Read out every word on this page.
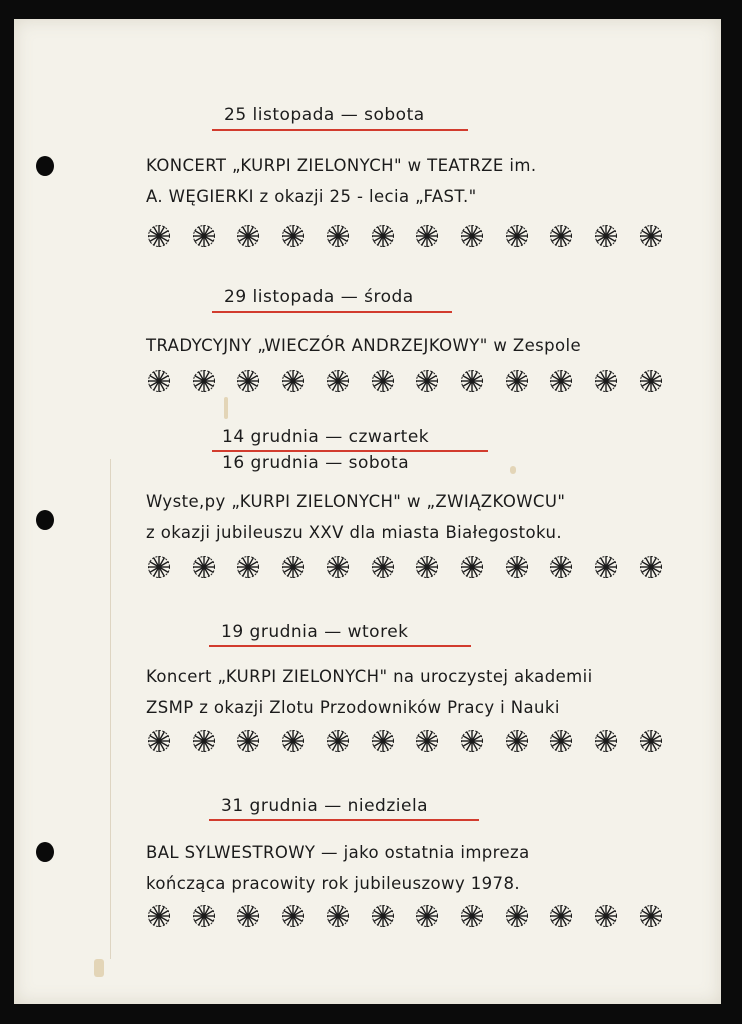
25 listopada — sobota
KONCERT „KURPI ZIELONYCH" w TEATRZE im.
A. WĘGIERKI z okazji 25 - lecia „FAST."
29 listopada — środa
TRADYCYJNY „WIECZÓR ANDRZEJKOWY" w Zespole
14 grudnia — czwartek
16 grudnia — sobota
Wyste,py „KURPI ZIELONYCH" w „ZWIĄZKOWCU"
z okazji jubileuszu XXV dla miasta Białegostoku.
19 grudnia — wtorek
Koncert „KURPI ZIELONYCH" na uroczystej akademii
ZSMP z okazji Zlotu Przodowników Pracy i Nauki
31 grudnia — niedziela
BAL SYLWESTROWY — jako ostatnia impreza
kończąca pracowity rok jubileuszowy 1978.
